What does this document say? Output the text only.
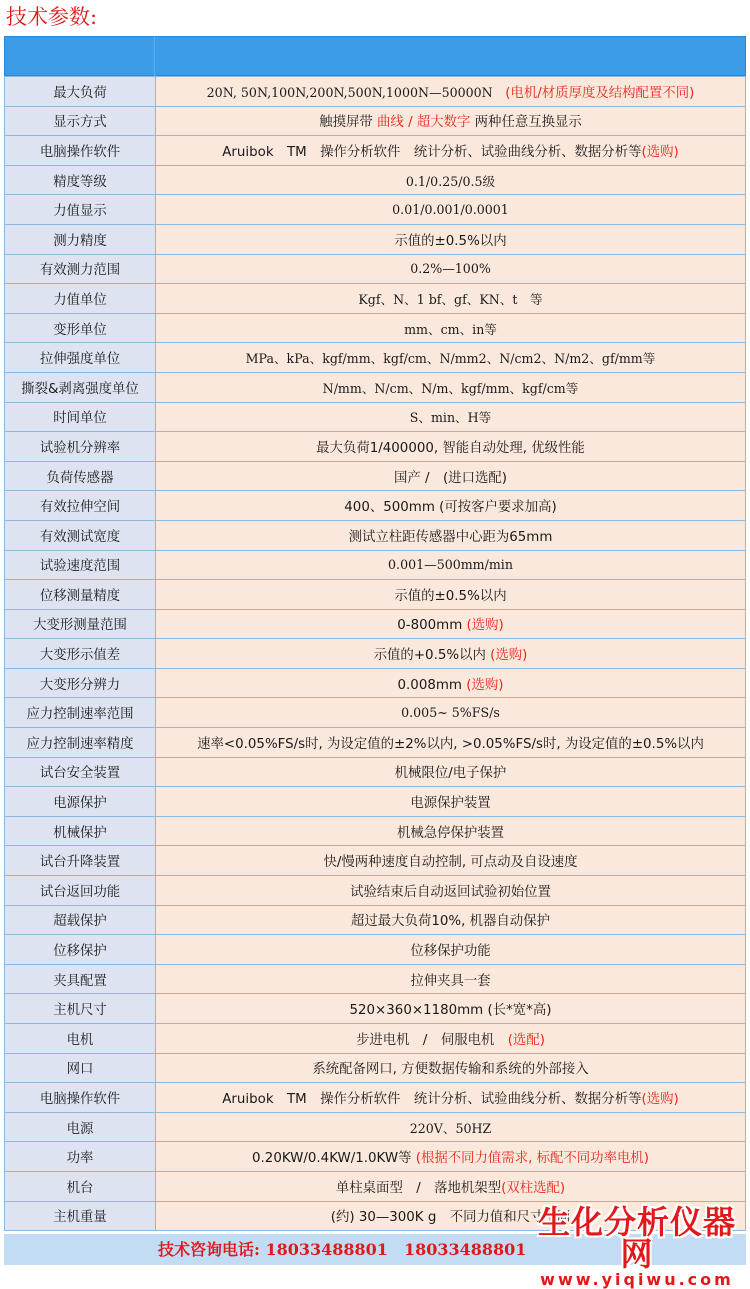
技术参数:
最大负荷	20N, 50N,100N,200N,500N,1000N—50000N　(电机/材质厚度及结构配置不同)
显示方式	触摸屏带 曲线 / 超大数字 两种任意互换显示
电脑操作软件	Aruibok　TM　操作分析软件　统计分析、试验曲线分析、数据分析等(选购)
精度等级	0.1/0.25/0.5级
力值显示	0.01/0.001/0.0001
测力精度	示值的±0.5%以内
有效测力范围	0.2%—100%
力值单位	Kgf、N、1 bf、gf、KN、t　等
变形单位	mm、cm、in等
拉伸强度单位	MPa、kPa、kgf/mm、kgf/cm、N/mm2、N/cm2、N/m2、gf/mm等
撕裂&剥离强度单位	N/mm、N/cm、N/m、kgf/mm、kgf/cm等
时间单位	S、min、H等
试验机分辨率	最大负荷1/400000, 智能自动处理, 优级性能
负荷传感器	国产 /　(进口选配)
有效拉伸空间	400、500mm (可按客户要求加高)
有效测试宽度	测试立柱距传感器中心距为65mm
试验速度范围	0.001—500mm/min
位移测量精度	示值的±0.5%以内
大变形测量范围	0-800mm (选购)
大变形示值差	示值的+0.5%以内 (选购)
大变形分辨力	0.008mm (选购)
应力控制速率范围	0.005~ 5%FS/s
应力控制速率精度	速率<0.05%FS/s时, 为设定值的±2%以内, >0.05%FS/s时, 为设定值的±0.5%以内
试台安全装置	机械限位/电子保护
电源保护	电源保护装置
机械保护	机械急停保护装置
试台升降装置	快/慢两种速度自动控制, 可点动及自设速度
试台返回功能	试验结束后自动返回试验初始位置
超载保护	超过最大负荷10%, 机器自动保护
位移保护	位移保护功能
夹具配置	拉伸夹具一套
主机尺寸	520×360×1180mm (长*宽*高)
电机	步进电机　/　伺服电机　(选配)
网口	系统配备网口, 方便数据传输和系统的外部接入
电脑操作软件	Aruibok　TM　操作分析软件　统计分析、试验曲线分析、数据分析等(选购)
电源	220V、50HZ
功率	0.20KW/0.4KW/1.0KW等 (根据不同力值需求, 标配不同功率电机)
机台	单柱桌面型　/　落地机架型(双柱选配)
主机重量	(约) 30—300K g　不同力值和尺寸不同　
技术咨询电话: 18033488801　18033488801
生化分析仪器网
www.yiqiwu.com
